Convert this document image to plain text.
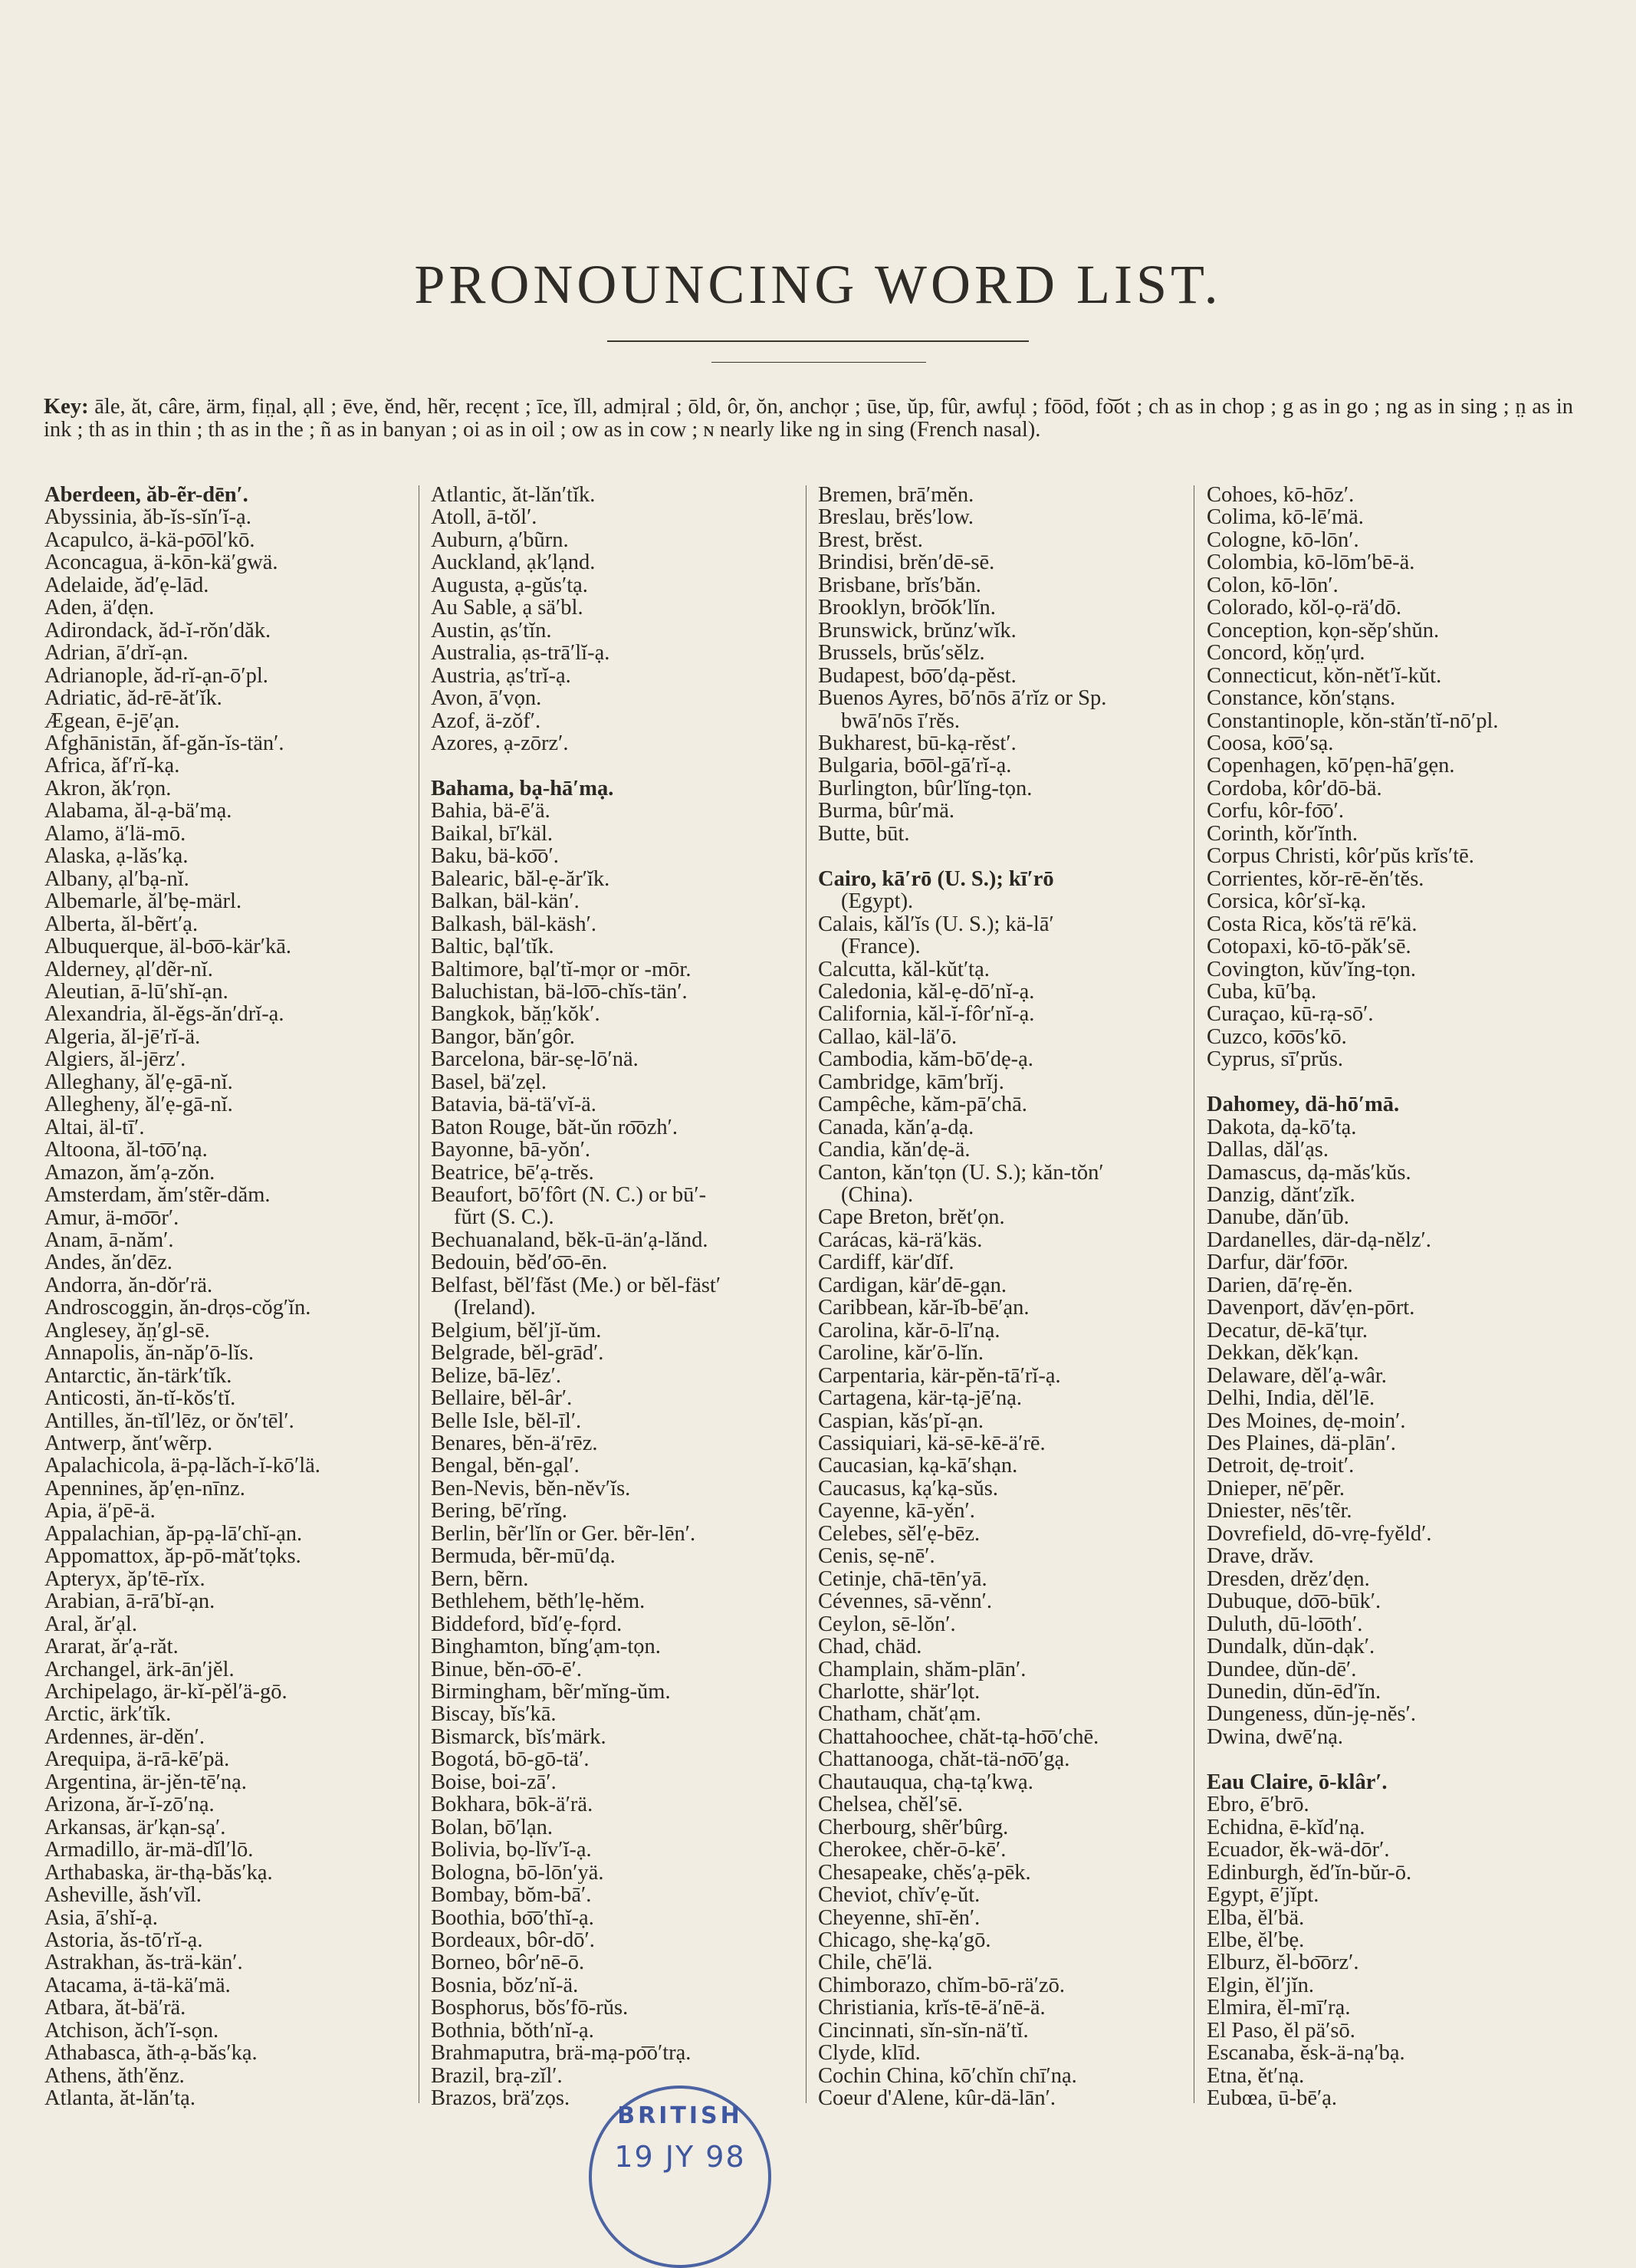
PRONOUNCING WORD LIST.

Key: āle, ăt, câre, ärm, fin̤al, ạll ; ēve, ĕnd, hẽr, recẹnt ; īce, ĭll, admịral ; ōld, ôr, ŏn, anchọr ; ūse, ŭp, fûr, awfu̦l ; fōōd, fo͝ot ; ch as in chop ; g as in go ; ng as in sing ; n̤ as in ink ; th as in thin ; th as in the ; ñ as in banyan ; oi as in oil ; ow as in cow ; ɴ nearly like ng in sing (French nasal).

Aberdeen, ăb-ẽr-dēn′.
Abyssinia, ăb-ĭs-sĭn′ĭ-ạ.
Acapulco, ä-kä-po͞ol′kō.
Aconcagua, ä-kōn-kä′gwä.
Adelaide, ăd′ẹ-lād.
Aden, ä′dẹn.
Adirondack, ăd-ĭ-rŏn′dăk.
Adrian, ā′drĭ-ạn.
Adrianople, ăd-rĭ-ạn-ō′pl.
Adriatic, ăd-rē-ăt′ĭk.
Ægean, ē-jē′ạn.
Afghānistān, ăf-găn-ĭs-tän′.
Africa, ăf′rĭ-kạ.
Akron, ăk′rọn.
Alabama, ăl-ạ-bä′mạ.
Alamo, ä′lä-mō.
Alaska, ạ-lăs′kạ.
Albany, ạl′bạ-nĭ.
Albemarle, ăl′bẹ-märl.
Alberta, ăl-bẽrt′ạ.
Albuquerque, äl-bo͞o-kär′kā.
Alderney, ạl′dẽr-nĭ.
Aleutian, ā-lū′shĭ-ạn.
Alexandria, ăl-ĕgs-ăn′drĭ-ạ.
Algeria, ăl-jē′rĭ-ä.
Algiers, ăl-jērz′.
Alleghany, ăl′ẹ-gā-nĭ.
Allegheny, ăl′ẹ-gā-nĭ.
Altai, äl-tī′.
Altoona, ăl-to͞o′nạ.
Amazon, ăm′ạ-zŏn.
Amsterdam, ăm′stẽr-dăm.
Amur, ä-mo͞or′.
Anam, ā-năm′.
Andes, ăn′dēz.
Andorra, ăn-dŏr′rä.
Androscoggin, ăn-drọs-cŏg′ĭn.
Anglesey, ăn̤′gl-sē.
Annapolis, ăn-năp′ō-lĭs.
Antarctic, ăn-tärk′tĭk.
Anticosti, ăn-tĭ-kŏs′tĭ.
Antilles, ăn-tĭl′lēz, or ŏɴ′tēl′.
Antwerp, ănt′wẽrp.
Apalachicola, ä-pạ-lăch-ĭ-kō′lä.
Apennines, ăp′ẹn-nīnz.
Apia, ä′pē-ä.
Appalachian, ăp-pạ-lā′chĭ-ạn.
Appomattox, ăp-pō-măt′tọks.
Apteryx, ăp′tē-rĭx.
Arabian, ā-rā′bĭ-ạn.
Aral, ăr′ạl.
Ararat, ăr′ạ-răt.
Archangel, ärk-ān′jĕl.
Archipelago, är-kĭ-pĕl′ä-gō.
Arctic, ärk′tĭk.
Ardennes, är-dĕn′.
Arequipa, ä-rā-kē′pä.
Argentina, är-jĕn-tē′nạ.
Arizona, ăr-ĭ-zō′nạ.
Arkansas, är′kạn-sạ′.
Armadillo, är-mä-dĭl′lō.
Arthabaska, är-thạ-băs′kạ.
Asheville, ăsh′vĭl.
Asia, ā′shĭ-ạ.
Astoria, ăs-tō′rĭ-ạ.
Astrakhan, ăs-trä-kän′.
Atacama, ä-tä-kä′mä.
Atbara, ăt-bä′rä.
Atchison, ăch′ĭ-sọn.
Athabasca, ăth-ạ-băs′kạ.
Athens, ăth′ĕnz.
Atlanta, ăt-lăn′tạ.
Atlantic, ăt-lăn′tĭk.
Atoll, ā-tŏl′.
Auburn, ạ′bũrn.
Auckland, ạk′lạnd.
Augusta, ạ-gŭs′tạ.
Au Sable, ạ sä′bl.
Austin, ạs′tĭn.
Australia, ạs-trā′lĭ-ạ.
Austria, ạs′trĭ-ạ.
Avon, ā′vọn.
Azof, ä-zŏf′.
Azores, ạ-zōrz′.
Bahama, bạ-hā′mạ.
Bahia, bä-ē′ä.
Baikal, bī′käl.
Baku, bä-ko͞o′.
Balearic, băl-ẹ-ăr′ĭk.
Balkan, bäl-kän′.
Balkash, bäl-käsh′.
Baltic, bạl′tĭk.
Baltimore, bạl′tĭ-mọr or -mōr.
Baluchistan, bä-lo͞o-chĭs-tän′.
Bangkok, băn̤′kŏk′.
Bangor, băn′gôr.
Barcelona, bär-sẹ-lō′nä.
Basel, bä′zẹl.
Batavia, bä-tä′vĭ-ä.
Baton Rouge, băt-ŭn ro͞ozh′.
Bayonne, bā-yŏn′.
Beatrice, bē′ạ-trĕs.
Beaufort, bō′fôrt (N. C.) or bū′-
fŭrt (S. C.).
Bechuanaland, bĕk-ū-än′ạ-lănd.
Bedouin, bĕd′o͞o-ēn.
Belfast, bĕl′făst (Me.) or bĕl-fäst′
(Ireland).
Belgium, bĕl′jĭ-ŭm.
Belgrade, bĕl-grād′.
Belize, bā-lēz′.
Bellaire, bĕl-âr′.
Belle Isle, bĕl-īl′.
Benares, bĕn-ä′rēz.
Bengal, bĕn-gạl′.
Ben-Nevis, bĕn-nĕv′ĭs.
Bering, bē′rĭng.
Berlin, bẽr′lĭn or Ger. bẽr-lēn′.
Bermuda, bẽr-mū′dạ.
Bern, bẽrn.
Bethlehem, bĕth′lẹ-hĕm.
Biddeford, bĭd′ẹ-fọrd.
Binghamton, bĭng′ạm-tọn.
Binue, bĕn-o͞o-ē′.
Birmingham, bẽr′mĭng-ŭm.
Biscay, bĭs′kā.
Bismarck, bĭs′märk.
Bogotá, bō-gō-tä′.
Boise, boi-zā′.
Bokhara, bōk-ä′rä.
Bolan, bō′lạn.
Bolivia, bọ-lĭv′ĭ-ạ.
Bologna, bō-lōn′yä.
Bombay, bŏm-bā′.
Boothia, bo͞o′thĭ-ạ.
Bordeaux, bôr-dō′.
Borneo, bôr′nē-ō.
Bosnia, bŏz′nĭ-ä.
Bosphorus, bŏs′fō-rŭs.
Bothnia, bŏth′nĭ-ạ.
Brahmaputra, brä-mạ-po͞o′trạ.
Brazil, brạ-zĭl′.
Brazos, brä′zọs.
Bremen, brā′mĕn.
Breslau, brĕs′low.
Brest, brĕst.
Brindisi, brĕn′dē-sē.
Brisbane, brĭs′băn.
Brooklyn, bro͝ok′lĭn.
Brunswick, brŭnz′wĭk.
Brussels, brŭs′sĕlz.
Budapest, bo͞o′dạ-pĕst.
Buenos Ayres, bō′nōs ā′rĭz or Sp.
bwā′nōs ī′rĕs.
Bukharest, bū-kạ-rĕst′.
Bulgaria, bo͞ol-gā′rĭ-ạ.
Burlington, bûr′lĭng-tọn.
Burma, bûr′mä.
Butte, būt.
Cairo, kā′rō (U. S.); kī′rō
(Egypt).
Calais, kăl′ĭs (U. S.); kä-lā′
(France).
Calcutta, kăl-kŭt′tạ.
Caledonia, kăl-ẹ-dō′nĭ-ạ.
California, kăl-ĭ-fôr′nĭ-ạ.
Callao, käl-lä′ō.
Cambodia, kăm-bō′dẹ-ạ.
Cambridge, kām′brĭj.
Campêche, kăm-pā′chā.
Canada, kăn′ạ-dạ.
Candia, kăn′dẹ-ä.
Canton, kăn′tọn (U. S.); kăn-tŏn′
(China).
Cape Breton, brĕt′ọn.
Carácas, kä-rä′käs.
Cardiff, kär′dĭf.
Cardigan, kär′dē-gạn.
Caribbean, kăr-ĭb-bē′ạn.
Carolina, kăr-ō-lī′nạ.
Caroline, kăr′ō-lĭn.
Carpentaria, kär-pĕn-tā′rĭ-ạ.
Cartagena, kär-tạ-jē′nạ.
Caspian, kăs′pĭ-ạn.
Cassiquiari, kä-sē-kē-ä′rē.
Caucasian, kạ-kā′shạn.
Caucasus, kạ′kạ-sŭs.
Cayenne, kā-yĕn′.
Celebes, sĕl′ẹ-bēz.
Cenis, sẹ-nē′.
Cetinje, chā-tēn′yā.
Cévennes, sā-vĕnn′.
Ceylon, sē-lŏn′.
Chad, chäd.
Champlain, shăm-plān′.
Charlotte, shär′lọt.
Chatham, chăt′ạm.
Chattahoochee, chăt-tạ-ho͞o′chē.
Chattanooga, chăt-tä-no͞o′gạ.
Chautauqua, chạ-tạ′kwạ.
Chelsea, chĕl′sē.
Cherbourg, shẽr′bûrg.
Cherokee, chĕr-ō-kē′.
Chesapeake, chĕs′ạ-pēk.
Cheviot, chĭv′ẹ-ŭt.
Cheyenne, shī-ĕn′.
Chicago, shẹ-kạ′gō.
Chile, chē′lä.
Chimborazo, chĭm-bō-rä′zō.
Christiania, krĭs-tē-ä′nē-ä.
Cincinnati, sĭn-sĭn-nä′tĭ.
Clyde, klīd.
Cochin China, kō′chĭn chī′nạ.
Coeur d'Alene, kûr-dä-lān′.
Cohoes, kō-hōz′.
Colima, kō-lē′mä.
Cologne, kō-lōn′.
Colombia, kō-lōm′bē-ä.
Colon, kō-lōn′.
Colorado, kŏl-ọ-rä′dō.
Conception, kọn-sĕp′shŭn.
Concord, kŏn̤′ụrd.
Connecticut, kŏn-nĕt′ĭ-kŭt.
Constance, kŏn′stạns.
Constantinople, kŏn-stăn′tĭ-nō′pl.
Coosa, ko͞o′sạ.
Copenhagen, kō′pẹn-hā′gẹn.
Cordoba, kôr′dō-bä.
Corfu, kôr-fo͞o′.
Corinth, kŏr′ĭnth.
Corpus Christi, kôr′pŭs krĭs′tē.
Corrientes, kŏr-rē-ĕn′tĕs.
Corsica, kôr′sĭ-kạ.
Costa Rica, kŏs′tä rē′kä.
Cotopaxi, kō-tō-păk′sē.
Covington, kŭv′ĭng-tọn.
Cuba, kū′bạ.
Curaçao, kū-rạ-sō′.
Cuzco, ko͞os′kō.
Cyprus, sī′prŭs.
Dahomey, dä-hō′mā.
Dakota, dạ-kō′tạ.
Dallas, dăl′ạs.
Damascus, dạ-măs′kŭs.
Danzig, dănt′zĭk.
Danube, dăn′ūb.
Dardanelles, där-dạ-nĕlz′.
Darfur, där′fo͞or.
Darien, dā′rẹ-ĕn.
Davenport, dăv′ẹn-pōrt.
Decatur, dē-kā′tụr.
Dekkan, dĕk′kạn.
Delaware, dĕl′ạ-wâr.
Delhi, India, dĕl′lē.
Des Moines, dẹ-moin′.
Des Plaines, dä-plān′.
Detroit, dẹ-troit′.
Dnieper, nē′pẽr.
Dniester, nēs′tẽr.
Dovrefield, dō-vrẹ-fyĕld′.
Drave, drăv.
Dresden, drĕz′dẹn.
Dubuque, do͞o-būk′.
Duluth, dū-lo͞oth′.
Dundalk, dŭn-dạk′.
Dundee, dŭn-dē′.
Dunedin, dŭn-ēd′ĭn.
Dungeness, dŭn-jẹ-nĕs′.
Dwina, dwē′nạ.
Eau Claire, ō-klâr′.
Ebro, ē′brō.
Echidna, ē-kĭd′nạ.
Ecuador, ĕk-wä-dōr′.
Edinburgh, ĕd′ĭn-bŭr-ō.
Egypt, ē′jĭpt.
Elba, ĕl′bä.
Elbe, ĕl′bẹ.
Elburz, ĕl-bo͞orz′.
Elgin, ĕl′jĭn.
Elmira, ĕl-mī′rạ.
El Paso, ĕl pä′sō.
Escanaba, ĕsk-ä-nạ′bạ.
Etna, ĕt′nạ.
Eubœa, ū-bē′ạ.
BRITISH
19 JY 98
